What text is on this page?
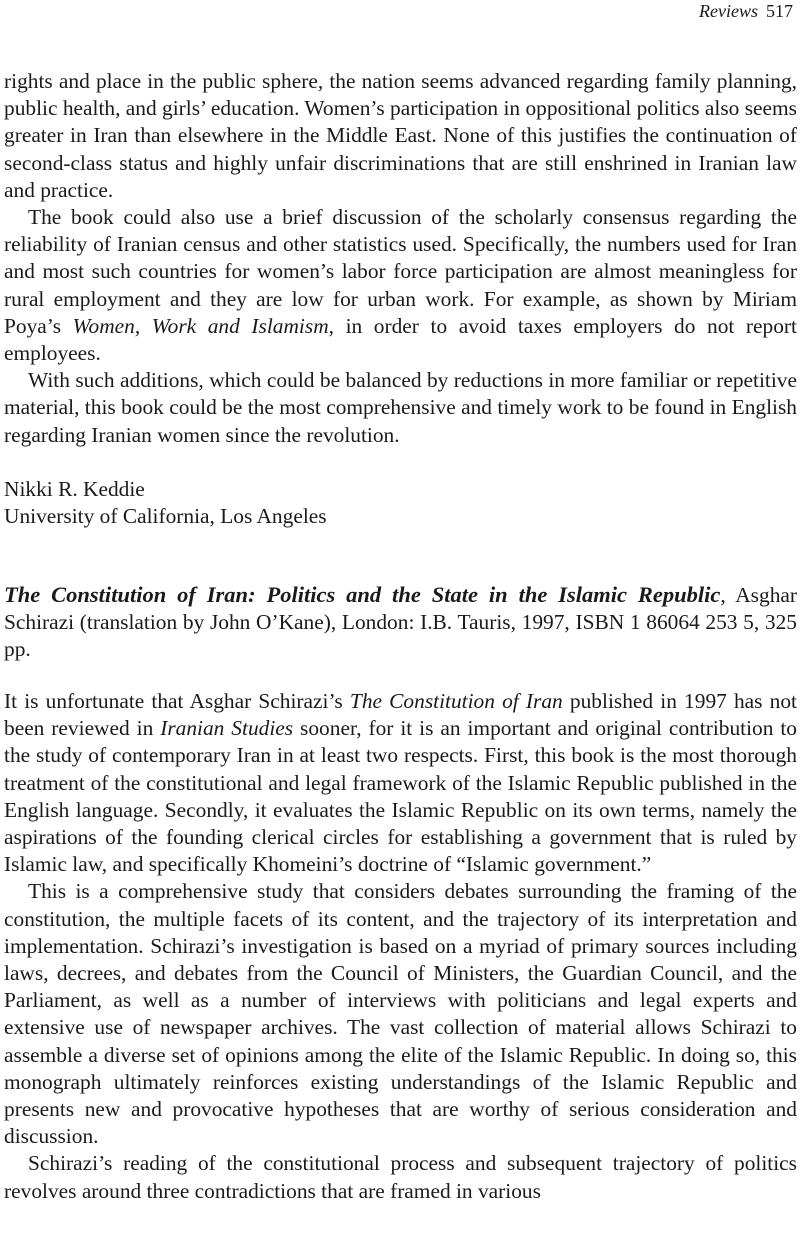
Reviews 517

rights and place in the public sphere, the nation seems advanced regarding family planning, public health, and girls’ education. Women’s participation in oppositional politics also seems greater in Iran than elsewhere in the Middle East. None of this justifies the continuation of second-class status and highly unfair discriminations that are still enshrined in Iranian law and practice.

The book could also use a brief discussion of the scholarly consensus regarding the reliability of Iranian census and other statistics used. Specifically, the numbers used for Iran and most such countries for women’s labor force participation are almost meaningless for rural employment and they are low for urban work. For example, as shown by Miriam Poya’s Women, Work and Islamism, in order to avoid taxes employers do not report employees.

With such additions, which could be balanced by reductions in more familiar or repetitive material, this book could be the most comprehensive and timely work to be found in English regarding Iranian women since the revolution.

Nikki R. Keddie
University of California, Los Angeles
The Constitution of Iran: Politics and the State in the Islamic Republic, Asghar Schirazi (translation by John O’Kane), London: I.B. Tauris, 1997, ISBN 1 86064 253 5, 325 pp.

It is unfortunate that Asghar Schirazi’s The Constitution of Iran published in 1997 has not been reviewed in Iranian Studies sooner, for it is an important and original contribution to the study of contemporary Iran in at least two respects. First, this book is the most thorough treatment of the constitutional and legal framework of the Islamic Republic published in the English language. Secondly, it evaluates the Islamic Republic on its own terms, namely the aspirations of the founding clerical circles for establishing a government that is ruled by Islamic law, and specifically Khomeini’s doctrine of “Islamic government.”

This is a comprehensive study that considers debates surrounding the framing of the constitution, the multiple facets of its content, and the trajectory of its interpretation and implementation. Schirazi’s investigation is based on a myriad of primary sources including laws, decrees, and debates from the Council of Ministers, the Guardian Council, and the Parliament, as well as a number of interviews with politicians and legal experts and extensive use of newspaper archives. The vast collection of material allows Schirazi to assemble a diverse set of opinions among the elite of the Islamic Republic. In doing so, this monograph ultimately reinforces existing understandings of the Islamic Republic and presents new and provocative hypotheses that are worthy of serious consideration and discussion.

Schirazi’s reading of the constitutional process and subsequent trajectory of politics revolves around three contradictions that are framed in various
